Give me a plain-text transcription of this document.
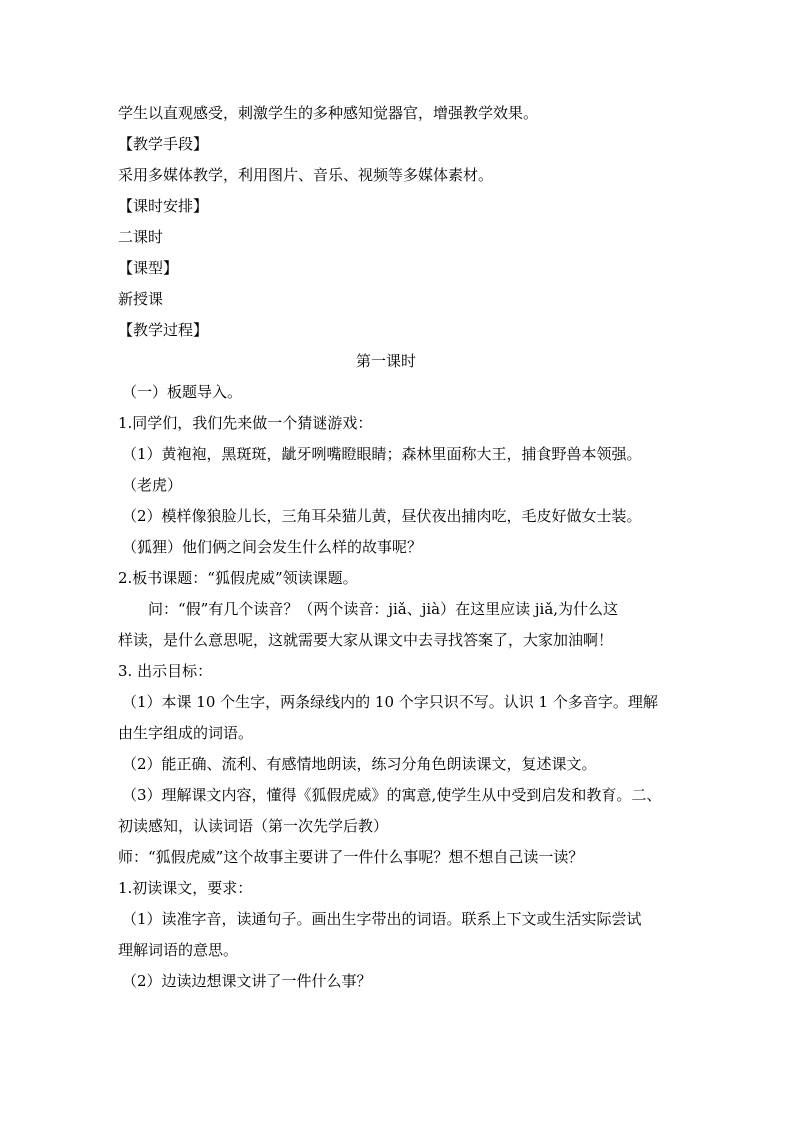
学生以直观感受，刺激学生的多种感知觉器官，增强教学效果。
【教学手段】
采用多媒体教学，利用图片、音乐、视频等多媒体素材。
【课时安排】
二课时
【课型】
新授课
【教学过程】
第一课时
（一）板题导入。
1.同学们，我们先来做一个猜谜游戏：
（1）黄袍袍，黑斑斑，龇牙咧嘴瞪眼睛；森林里面称大王，捕食野兽本领强。
（老虎）
（2）模样像狼脸儿长，三角耳朵猫儿黄，昼伏夜出捕肉吃，毛皮好做女士装。
（狐狸）他们俩之间会发生什么样的故事呢？
2.板书课题：“狐假虎威”领读课题。
问：“假”有几个读音？（两个读音：jiǎ、jià）在这里应读 jiǎ,为什么这
样读，是什么意思呢，这就需要大家从课文中去寻找答案了，大家加油啊！
3. 出示目标：
（1）本课 10 个生字，两条绿线内的 10 个字只识不写。认识 1 个多音字。理解
由生字组成的词语。
（2）能正确、流利、有感情地朗读，练习分角色朗读课文，复述课文。
（3）理解课文内容，懂得《狐假虎威》的寓意,使学生从中受到启发和教育。二、
初读感知，认读词语（第一次先学后教）
师：“狐假虎威”这个故事主要讲了一件什么事呢？想不想自己读一读？
1.初读课文，要求：
（1）读准字音，读通句子。画出生字带出的词语。联系上下文或生活实际尝试
理解词语的意思。
（2）边读边想课文讲了一件什么事？
